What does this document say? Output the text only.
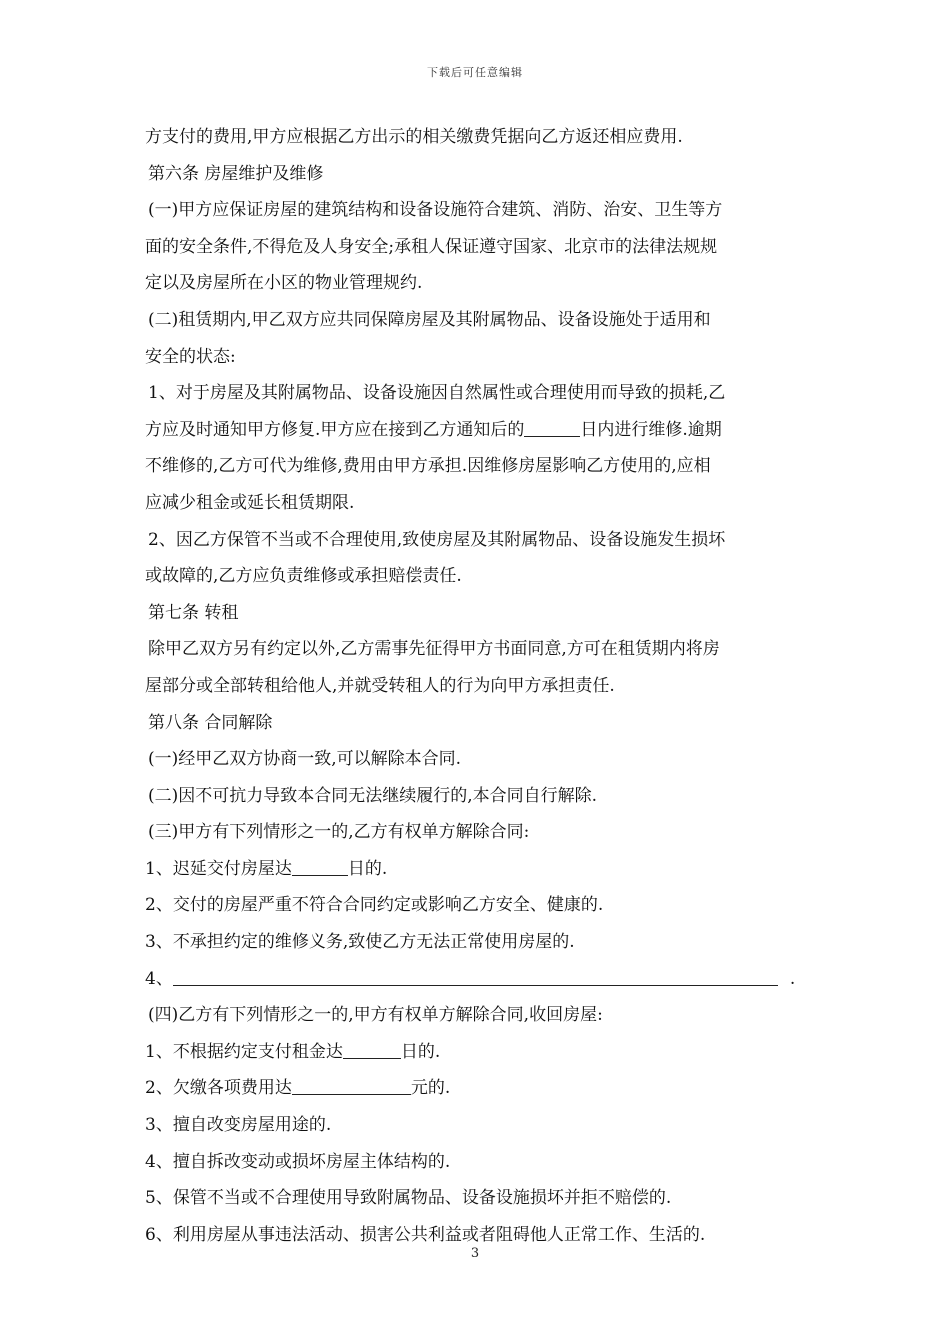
下载后可任意编辑
方支付的费用,甲方应根据乙方出示的相关缴费凭据向乙方返还相应费用.
第六条 房屋维护及维修
(一)甲方应保证房屋的建筑结构和设备设施符合建筑、消防、治安、卫生等方
面的安全条件,不得危及人身安全;承租人保证遵守国家、北京市的法律法规规
定以及房屋所在小区的物业管理规约.
(二)租赁期内,甲乙双方应共同保障房屋及其附属物品、设备设施处于适用和
安全的状态:
1、对于房屋及其附属物品、设备设施因自然属性或合理使用而导致的损耗,乙
方应及时通知甲方修复.甲方应在接到乙方通知后的	日内进行维修.逾期
不维修的,乙方可代为维修,费用由甲方承担.因维修房屋影响乙方使用的,应相
应减少租金或延长租赁期限.
2、因乙方保管不当或不合理使用,致使房屋及其附属物品、设备设施发生损坏
或故障的,乙方应负责维修或承担赔偿责任.
第七条 转租
除甲乙双方另有约定以外,乙方需事先征得甲方书面同意,方可在租赁期内将房
屋部分或全部转租给他人,并就受转租人的行为向甲方承担责任.
第八条 合同解除
(一)经甲乙双方协商一致,可以解除本合同.
(二)因不可抗力导致本合同无法继续履行的,本合同自行解除.
(三)甲方有下列情形之一的,乙方有权单方解除合同:
1、迟延交付房屋达	日的.
2、交付的房屋严重不符合合同约定或影响乙方安全、健康的.
3、不承担约定的维修义务,致使乙方无法正常使用房屋的.
4、	.
(四)乙方有下列情形之一的,甲方有权单方解除合同,收回房屋:
1、不根据约定支付租金达	日的.
2、欠缴各项费用达	元的.
3、擅自改变房屋用途的.
4、擅自拆改变动或损坏房屋主体结构的.
5、保管不当或不合理使用导致附属物品、设备设施损坏并拒不赔偿的.
6、利用房屋从事违法活动、损害公共利益或者阻碍他人正常工作、生活的.
3
